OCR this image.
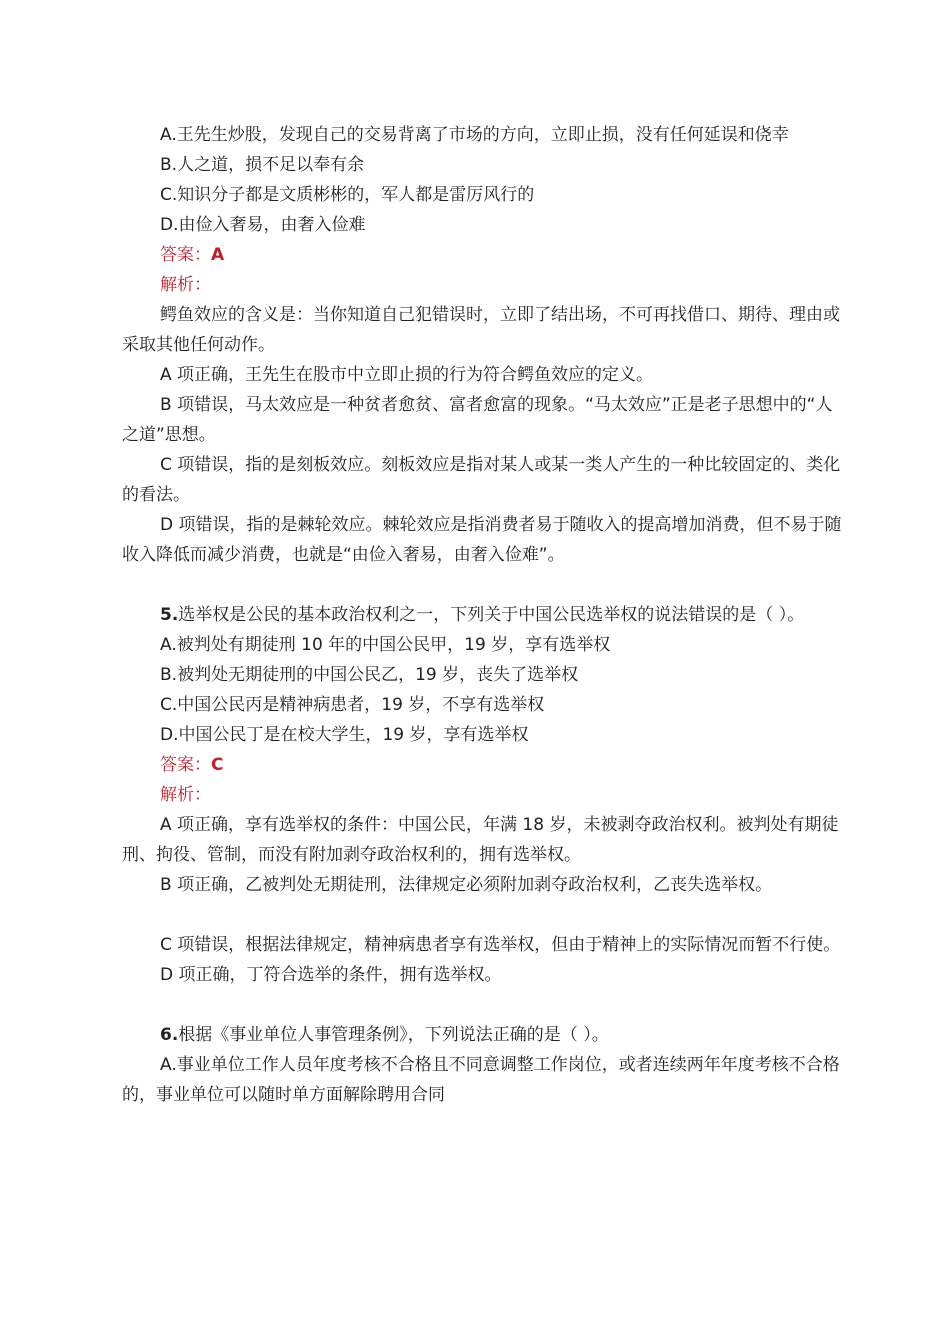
A.王先生炒股，发现自己的交易背离了市场的方向，立即止损，没有任何延误和侥幸

B.人之道，损不足以奉有余

C.知识分子都是文质彬彬的，军人都是雷厉风行的

D.由俭入奢易，由奢入俭难

答案：A

解析：

鳄鱼效应的含义是：当你知道自己犯错误时，立即了结出场，不可再找借口、期待、理由或采取其他任何动作。

A 项正确，王先生在股市中立即止损的行为符合鳄鱼效应的定义。

B 项错误，马太效应是一种贫者愈贫、富者愈富的现象。“马太效应”正是老子思想中的“人之道”思想。

C 项错误，指的是刻板效应。刻板效应是指对某人或某一类人产生的一种比较固定的、类化的看法。

D 项错误，指的是棘轮效应。棘轮效应是指消费者易于随收入的提高增加消费，但不易于随收入降低而减少消费，也就是“由俭入奢易，由奢入俭难”。

5.选举权是公民的基本政治权利之一，下列关于中国公民选举权的说法错误的是（ ）。

A.被判处有期徒刑 10 年的中国公民甲，19 岁，享有选举权

B.被判处无期徒刑的中国公民乙，19 岁，丧失了选举权

C.中国公民丙是精神病患者，19 岁，不享有选举权

D.中国公民丁是在校大学生，19 岁，享有选举权

答案：C

解析：

A 项正确，享有选举权的条件：中国公民，年满 18 岁，未被剥夺政治权利。被判处有期徒刑、拘役、管制，而没有附加剥夺政治权利的，拥有选举权。

B 项正确，乙被判处无期徒刑，法律规定必须附加剥夺政治权利，乙丧失选举权。

C 项错误，根据法律规定，精神病患者享有选举权，但由于精神上的实际情况而暂不行使。

D 项正确，丁符合选举的条件，拥有选举权。

6.根据《事业单位人事管理条例》，下列说法正确的是（ ）。

A.事业单位工作人员年度考核不合格且不同意调整工作岗位，或者连续两年年度考核不合格的，事业单位可以随时单方面解除聘用合同
